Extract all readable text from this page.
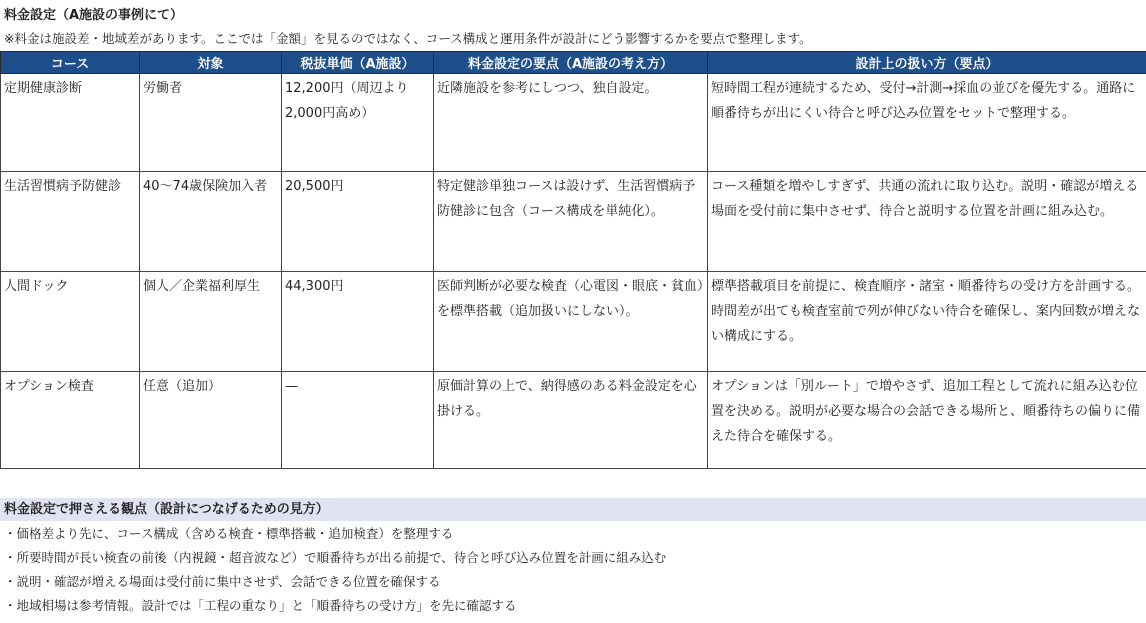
料金設定（A施設の事例にて）
※料金は施設差・地域差があります。ここでは「金額」を見るのではなく、コース構成と運用条件が設計にどう影響するかを要点で整理します。
コース	対象	税抜単価（A施設）	料金設定の要点（A施設の考え方）	設計上の扱い方（要点）
定期健康診断	労働者	12,200円（周辺より2,000円高め）	近隣施設を参考にしつつ、独自設定。	短時間工程が連続するため、受付→計測→採血の並びを優先する。通路に順番待ちが出にくい待合と呼び込み位置をセットで整理する。
生活習慣病予防健診	40～74歳保険加入者	20,500円	特定健診単独コースは設けず、生活習慣病予防健診に包含（コース構成を単純化）。	コース種類を増やしすぎず、共通の流れに取り込む。説明・確認が増える場面を受付前に集中させず、待合と説明する位置を計画に組み込む。
人間ドック	個人／企業福利厚生	44,300円	医師判断が必要な検査（心電図・眼底・貧血）を標準搭載（追加扱いにしない）。	標準搭載項目を前提に、検査順序・諸室・順番待ちの受け方を計画する。時間差が出ても検査室前で列が伸びない待合を確保し、案内回数が増えない構成にする。
オプション検査	任意（追加）	—	原価計算の上で、納得感のある料金設定を心掛ける。	オプションは「別ルート」で増やさず、追加工程として流れに組み込む位置を決める。説明が必要な場合の会話できる場所と、順番待ちの偏りに備えた待合を確保する。
料金設定で押さえる観点（設計につなげるための見方）
・価格差より先に、コース構成（含める検査・標準搭載・追加検査）を整理する
・所要時間が長い検査の前後（内視鏡・超音波など）で順番待ちが出る前提で、待合と呼び込み位置を計画に組み込む
・説明・確認が増える場面は受付前に集中させず、会話できる位置を確保する
・地域相場は参考情報。設計では「工程の重なり」と「順番待ちの受け方」を先に確認する
